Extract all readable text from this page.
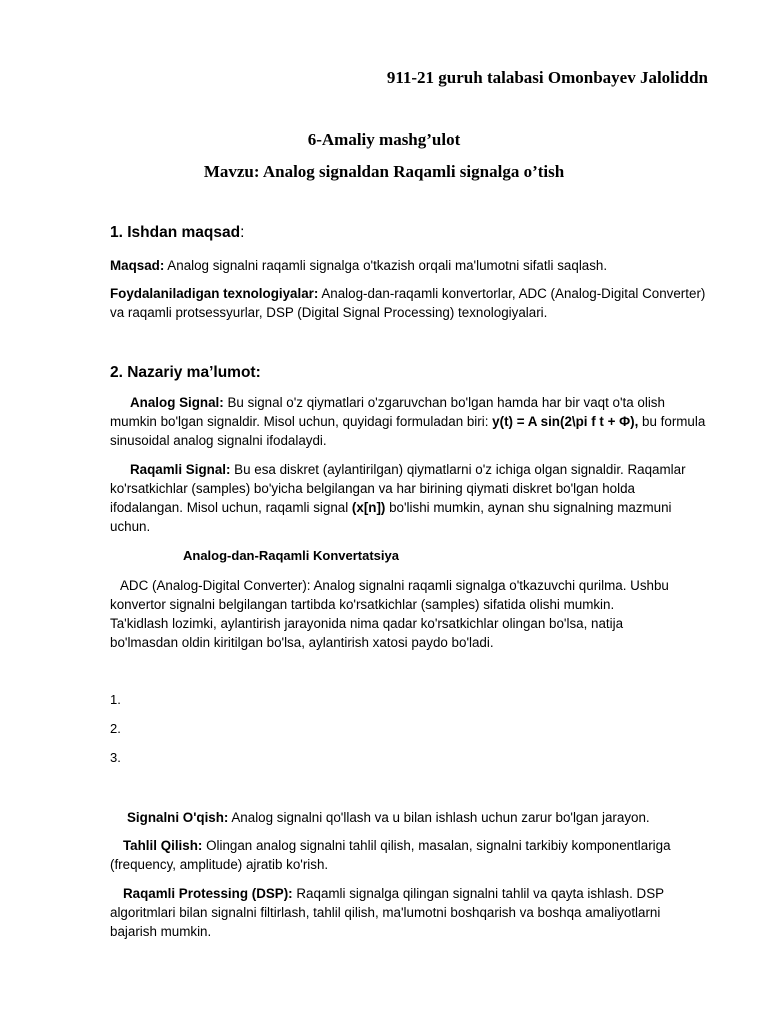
911-21 guruh talabasi Omonbayev Jaloliddn
6-Amaliy mashg’ulot
Mavzu: Analog signaldan Raqamli signalga o’tish
1. Ishdan maqsad:
Maqsad: Analog signalni raqamli signalga o'tkazish orqali ma'lumotni sifatli saqlash.
Foydalaniladigan texnologiyalar: Analog-dan-raqamli konvertorlar, ADC (Analog-Digital Converter) va raqamli protsessyurlar, DSP (Digital Signal Processing) texnologiyalari.
2. Nazariy ma’lumot:
Analog Signal: Bu signal o'z qiymatlari o'zgaruvchan bo'lgan hamda har bir vaqt o'ta olish mumkin bo'lgan signaldir. Misol uchun, quyidagi formuladan biri: y(t) = A sin(2\pi f t + Φ), bu formula sinusoidal analog signalni ifodalaydi.
Raqamli Signal: Bu esa diskret (aylantirilgan) qiymatlarni o'z ichiga olgan signaldir. Raqamlar ko'rsatkichlar (samples) bo'yicha belgilangan va har birining qiymati diskret bo'lgan holda ifodalangan. Misol uchun, raqamli signal (x[n]) bo'lishi mumkin, aynan shu signalning mazmuni uchun.
Analog-dan-Raqamli Konvertatsiya
ADC (Analog-Digital Converter): Analog signalni raqamli signalga o'tkazuvchi qurilma. Ushbu
konvertor signalni belgilangan tartibda ko'rsatkichlar (samples) sifatida olishi mumkin.
Ta'kidlash lozimki, aylantirish jarayonida nima qadar ko'rsatkichlar olingan bo'lsa, natija
bo'lmasdan oldin kiritilgan bo'lsa, aylantirish xatosi paydo bo'ladi.
1.
2.
3.
Signalni O'qish: Analog signalni qo'llash va u bilan ishlash uchun zarur bo'lgan jarayon.
Tahlil Qilish: Olingan analog signalni tahlil qilish, masalan, signalni tarkibiy komponentlariga (frequency, amplitude) ajratib ko'rish.
Raqamli Protessing (DSP): Raqamli signalga qilingan signalni tahlil va qayta ishlash. DSP algoritmlari bilan signalni filtirlash, tahlil qilish, ma'lumotni boshqarish va boshqa amaliyotlarni bajarish mumkin.
